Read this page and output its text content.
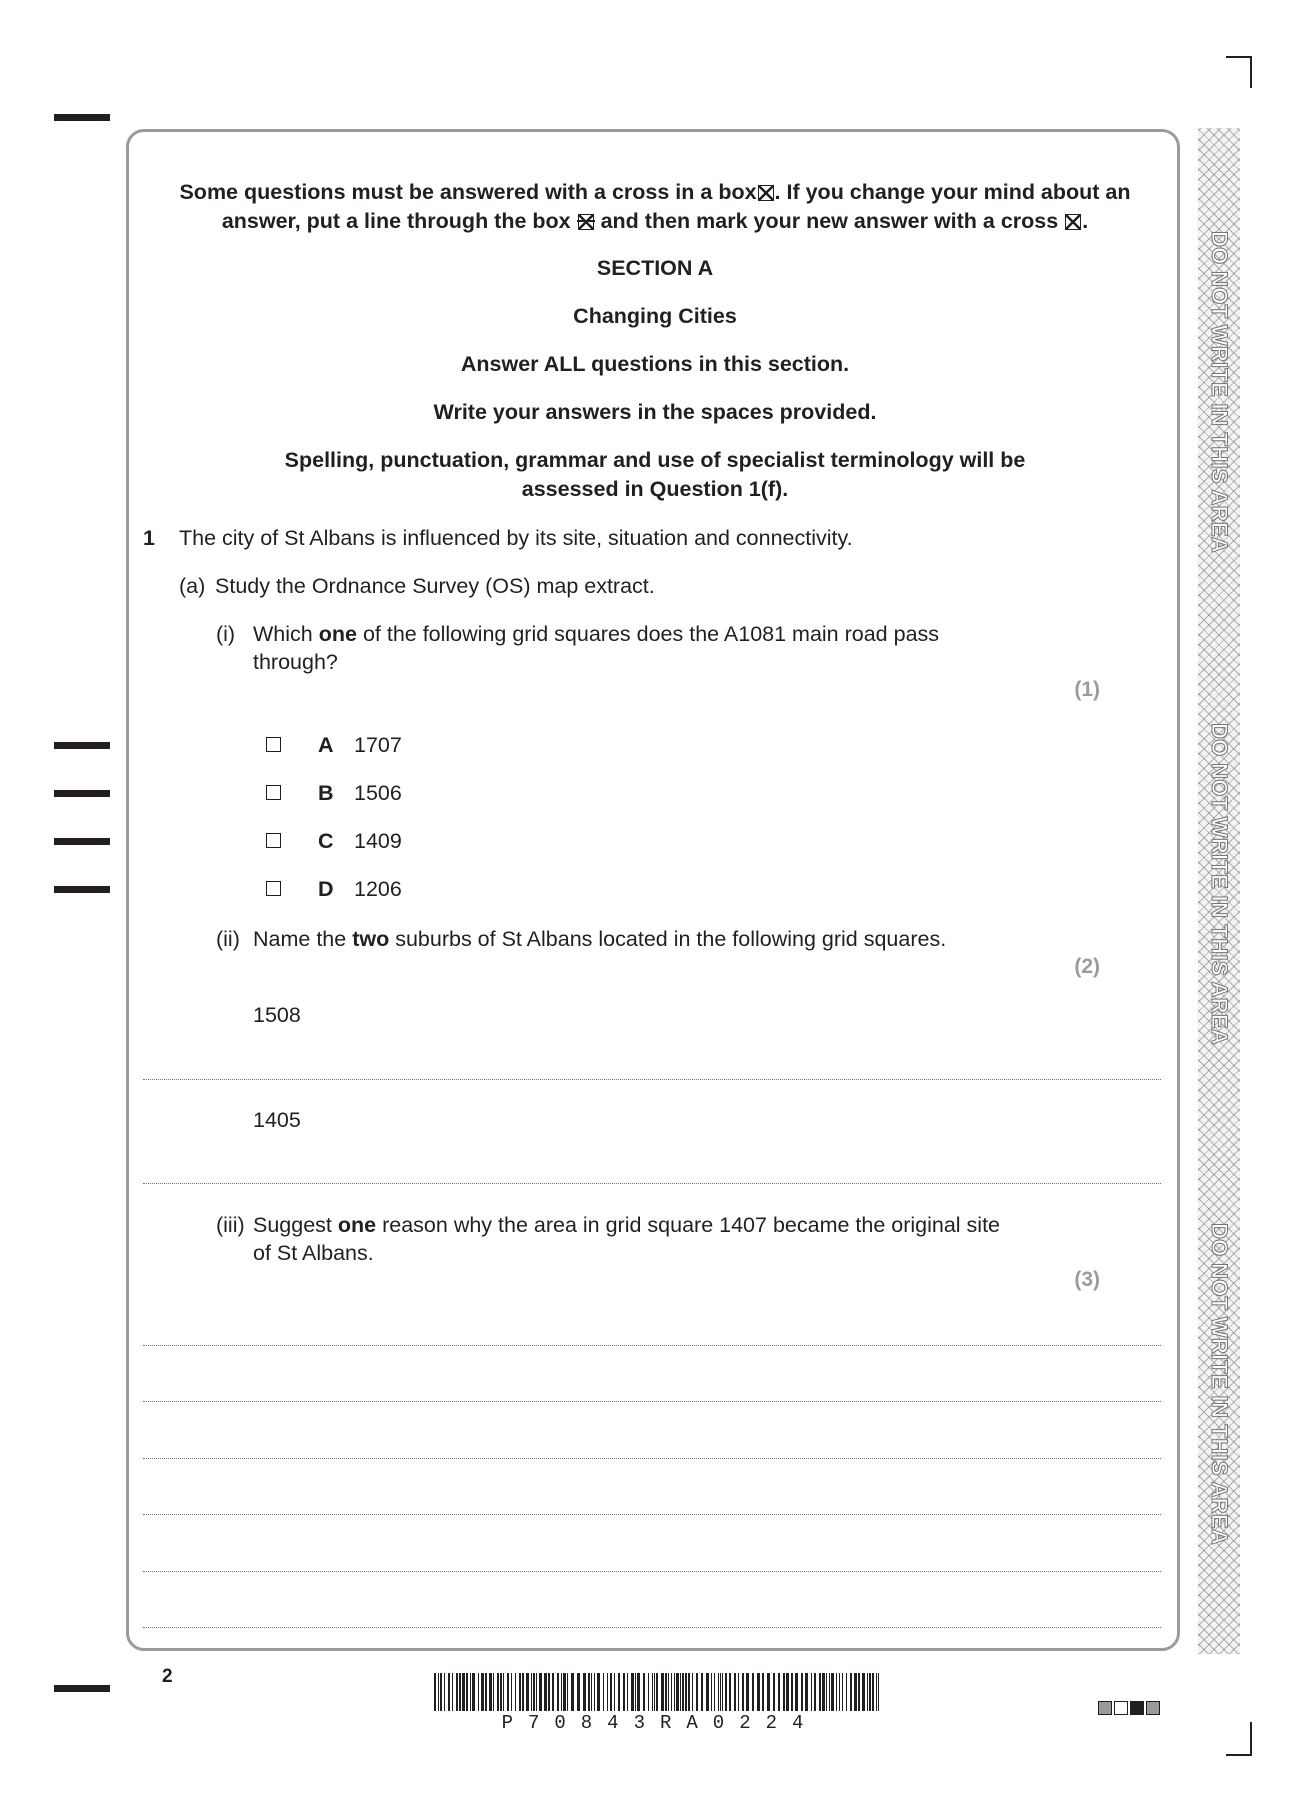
DO NOT WRITE IN THIS AREA
DO NOT WRITE IN THIS AREA
DO NOT WRITE IN THIS AREA
Some questions must be answered with a cross in a box☒. If you change your mind about an
answer, put a line through the box and then mark your new answer with a cross ☒.
SECTION A
Changing Cities
Answer ALL questions in this section.
Write your answers in the spaces provided.
Spelling, punctuation, grammar and use of specialist terminology will be
assessed in Question 1(f).
1 The city of St Albans is influenced by its site, situation and connectivity.
(a) Study the Ordnance Survey (OS) map extract.
(i) Which one of the following grid squares does the A1081 main road pass
through?
(1)
A 1707
B 1506
C 1409
D 1206
(ii) Name the two suburbs of St Albans located in the following grid squares.
(2)
1508
1405
(iii) Suggest one reason why the area in grid square 1407 became the original site
of St Albans.
(3)
2
P70843RA0224
